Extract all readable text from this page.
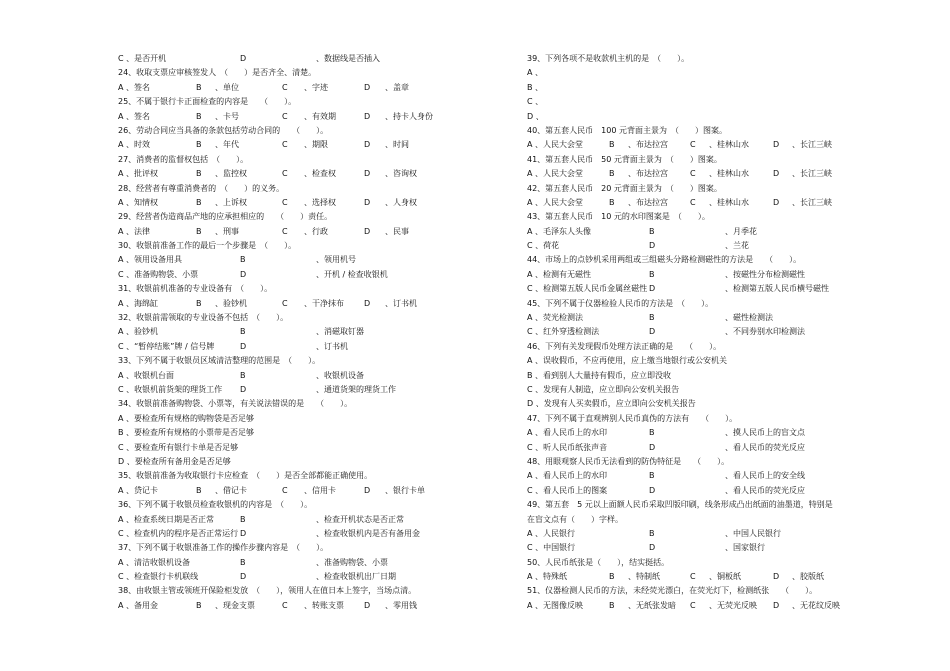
C 、是否开机	D	、数据线是否插入
24、收取支票应审核签发人　（　　）是否齐全、清楚。
A 、签名	B 、单位	C 、字迹	D 、盖章
25、不属于银行卡正面检查的内容是　　（　　）。
A 、签名	B 、卡号	C 、有效期	D 、持卡人身份
26、劳动合同应当具备的条款包括劳动合同的　　（　　）。
A 、时效	B 、年代	C 、期限	D 、时间
27、消费者的监督权包括　（　　）。
A 、批评权	B 、监控权	C 、检查权	D 、咨询权
28、经营者有尊重消费者的　（　　）的义务。
A 、知情权	B 、上诉权	C 、选择权	D 、人身权
29、经营者伪造商品产地的应承担相应的　　（　　）责任。
A 、法律	B 、刑事	C 、行政	D 、民事
30、收银前准备工作的最后一个步骤是　（　　）。
A 、领用设备用具	B	、领用机号
C 、准备购物袋、小票	D	、开机 / 检查收银机
31、收银前机准备的专业设备有　（　　）。
A 、海绵缸	B 、验钞机	C 、干净抹布	D 、订书机
32、收银前需领取的专业设备不包括　（　　）。
A 、验钞机	B	、消磁取钉器
C 、“暂停结账”牌 / 信号牌	D	、订书机
33、下列不属于收银员区域清洁整理的范围是　（　　）。
A 、收银机台面	B	、收银机设备
C 、收银机前货架的理货工作 D	、通道货架的理货工作
34、收银前准备购物袋、小票等，有关说法错误的是　　（　　）。
A 、要检查所有规格的购物袋是否足够
B 、要检查所有规格的小票带是否足够
C 、要检查所有银行卡单是否足够
D 、要检查所有备用金是否足够
35、收银前准备为收取银行卡应检查　（　　）是否全部都能正确使用。
A 、贷记卡	B 、借记卡	C 、信用卡	D 、银行卡单
36、下列不属于收银员检查收银机的内容是　（　　）。
A 、检查系统日期是否正常	B	、检查开机状态是否正常
C 、检查机内的程序是否正常运行 D	、检查收银机内是否有备用金
37、下列不属于收银准备工作的操作步骤内容是　（　　）。
A 、清洁收银机设备	B	、准备购物袋、小票
C 、检查银行卡机联线	D	、检查收银机出厂日期
38、由收银主管或领班开保险柜发放　（　　），领用人在值日本上签字，当场点清。
A 、备用金	B 、现金支票	C 、转账支票	D 、零用钱
39、下列各项不是收款机主机的是　（　　）。
A 、
B 、
C 、
D 、
40、第五套人民币　100 元背面主景为　（　　）图案。
A 、人民大会堂	B 、布达拉宫	C 、桂林山水	D 、长江三峡
41、第五套人民币　50 元背面主景为　（　　）图案。
A 、人民大会堂	B 、布达拉宫	C 、桂林山水	D 、长江三峡
42、第五套人民币　20 元背面主景为　（　　）图案。
A 、人民大会堂	B 、布达拉宫	C 、桂林山水	D 、长江三峡
43、第五套人民币　10 元的水印图案是　（　　）。
A 、毛泽东人头像	B	、月季花
C 、荷花	D	、兰花
44、市场上的点钞机采用两组或三组磁头分路检测磁性的方法是　　（　　）。
A 、检测有无磁性	B	、按磁性分布检测磁性
C 、检测第五版人民币金属丝磁性 D	、检测第五版人民币横号磁性
45、下列不属于仪器检验人民币的方法是　（　　）。
A 、荧光检测法	B	、磁性检测法
C 、红外穿透检测法	D	、不同券别水印检测法
46、下列有关发现假币处理方法正确的是　　（　　）。
A 、误收假币，不应再使用，应上缴当地银行或公安机关
B 、看到别人大量持有假币，应立即没收
C 、发现有人制造，应立即向公安机关报告
D 、发现有人买卖假币，应立即向公安机关报告
47、下列不属于直观辨别人民币真伪的方法有　　（　　）。
A 、看人民币上的水印	B	、摸人民币上的盲文点
C 、听人民币纸张声音	D	、看人民币的荧光反应
48、用眼观察人民币无法看到的防伪特征是　　（　　）。
A 、看人民币上的水印	B	、看人民币上的安全线
C 、看人民币上的图案	D	、看人民币的荧光反应
49、第五套　5 元以上面额人民币采取凹版印刷，线条形成凸出纸面的油墨道，特别是
在盲文点有（　　）字样。
A 、人民银行	B	、中国人民银行
C 、中国银行	D	、国家银行
50、人民币纸张是（　　），结实挺括。
A 、特殊纸	B 、特制纸	C 、铜板纸	D 、胶版纸
51、仪器检测人民币的方法，未经荧光漂白，在荧光灯下，检测纸张　　（　　）。
A 、无图像反映	B 、无纸张发暗 C 、无荧光反映 D 、无花纹反映
